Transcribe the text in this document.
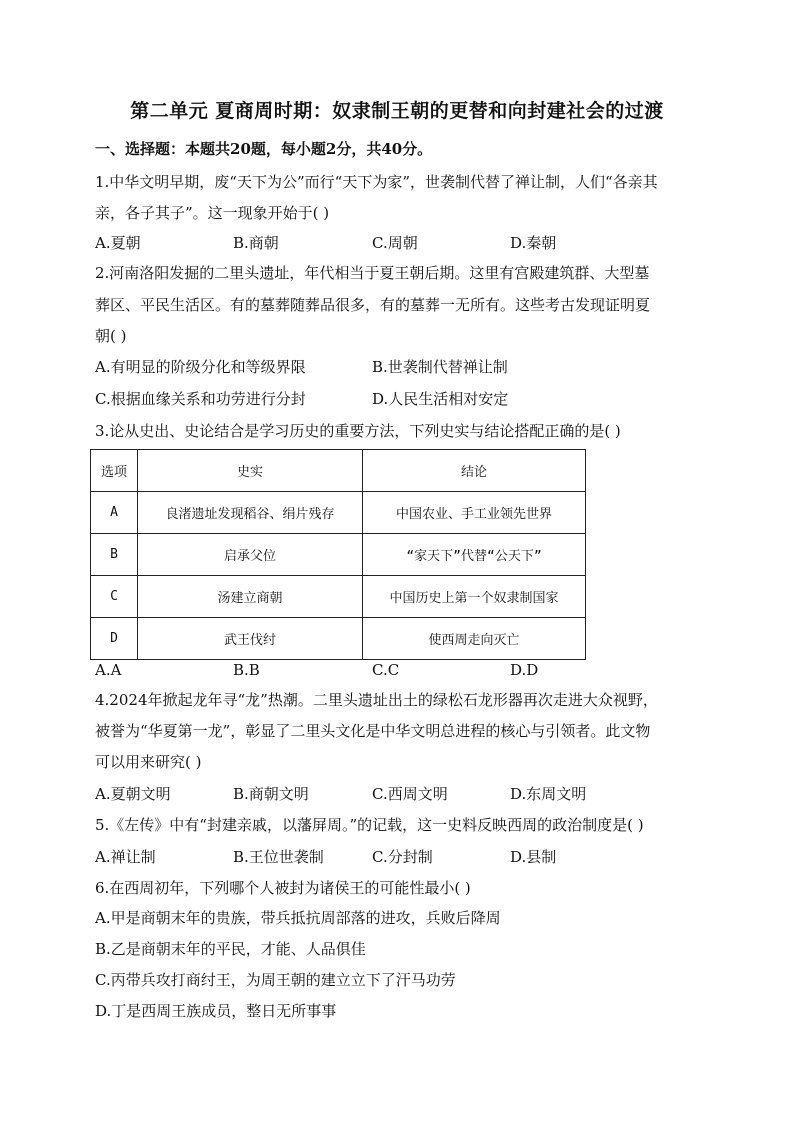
第二单元 夏商周时期：奴隶制王朝的更替和向封建社会的过渡
一、选择题：本题共20题，每小题2分，共40分。
1.中华文明早期，废“天下为公”而行“天下为家”，世袭制代替了禅让制，人们“各亲其
亲，各子其子”。这一现象开始于( )
A.夏朝	B.商朝	C.周朝	D.秦朝
2.河南洛阳发掘的二里头遗址，年代相当于夏王朝后期。这里有宫殿建筑群、大型墓
葬区、平民生活区。有的墓葬随葬品很多，有的墓葬一无所有。这些考古发现证明夏
朝( )
A.有明显的阶级分化和等级界限	B.世袭制代替禅让制
C.根据血缘关系和功劳进行分封	D.人民生活相对安定
3.论从史出、史论结合是学习历史的重要方法，下列史实与结论搭配正确的是( )
选项	史实	结论
A	良渚遗址发现稻谷、绢片残存	中国农业、手工业领先世界
B	启承父位	“家天下”代替“公天下”
C	汤建立商朝	中国历史上第一个奴隶制国家
D	武王伐纣	使西周走向灭亡
A.A	B.B	C.C	D.D
4.2024年掀起龙年寻“龙”热潮。二里头遗址出土的绿松石龙形器再次走进大众视野，
被誉为“华夏第一龙”，彰显了二里头文化是中华文明总进程的核心与引领者。此文物
可以用来研究( )
A.夏朝文明	B.商朝文明	C.西周文明	D.东周文明
5.《左传》中有“封建亲戚，以藩屏周。”的记载，这一史料反映西周的政治制度是( )
A.禅让制	B.王位世袭制	C.分封制	D.县制
6.在西周初年，下列哪个人被封为诸侯王的可能性最小( )
A.甲是商朝末年的贵族，带兵抵抗周部落的进攻，兵败后降周
B.乙是商朝末年的平民，才能、人品俱佳
C.丙带兵攻打商纣王，为周王朝的建立立下了汗马功劳
D.丁是西周王族成员，整日无所事事
